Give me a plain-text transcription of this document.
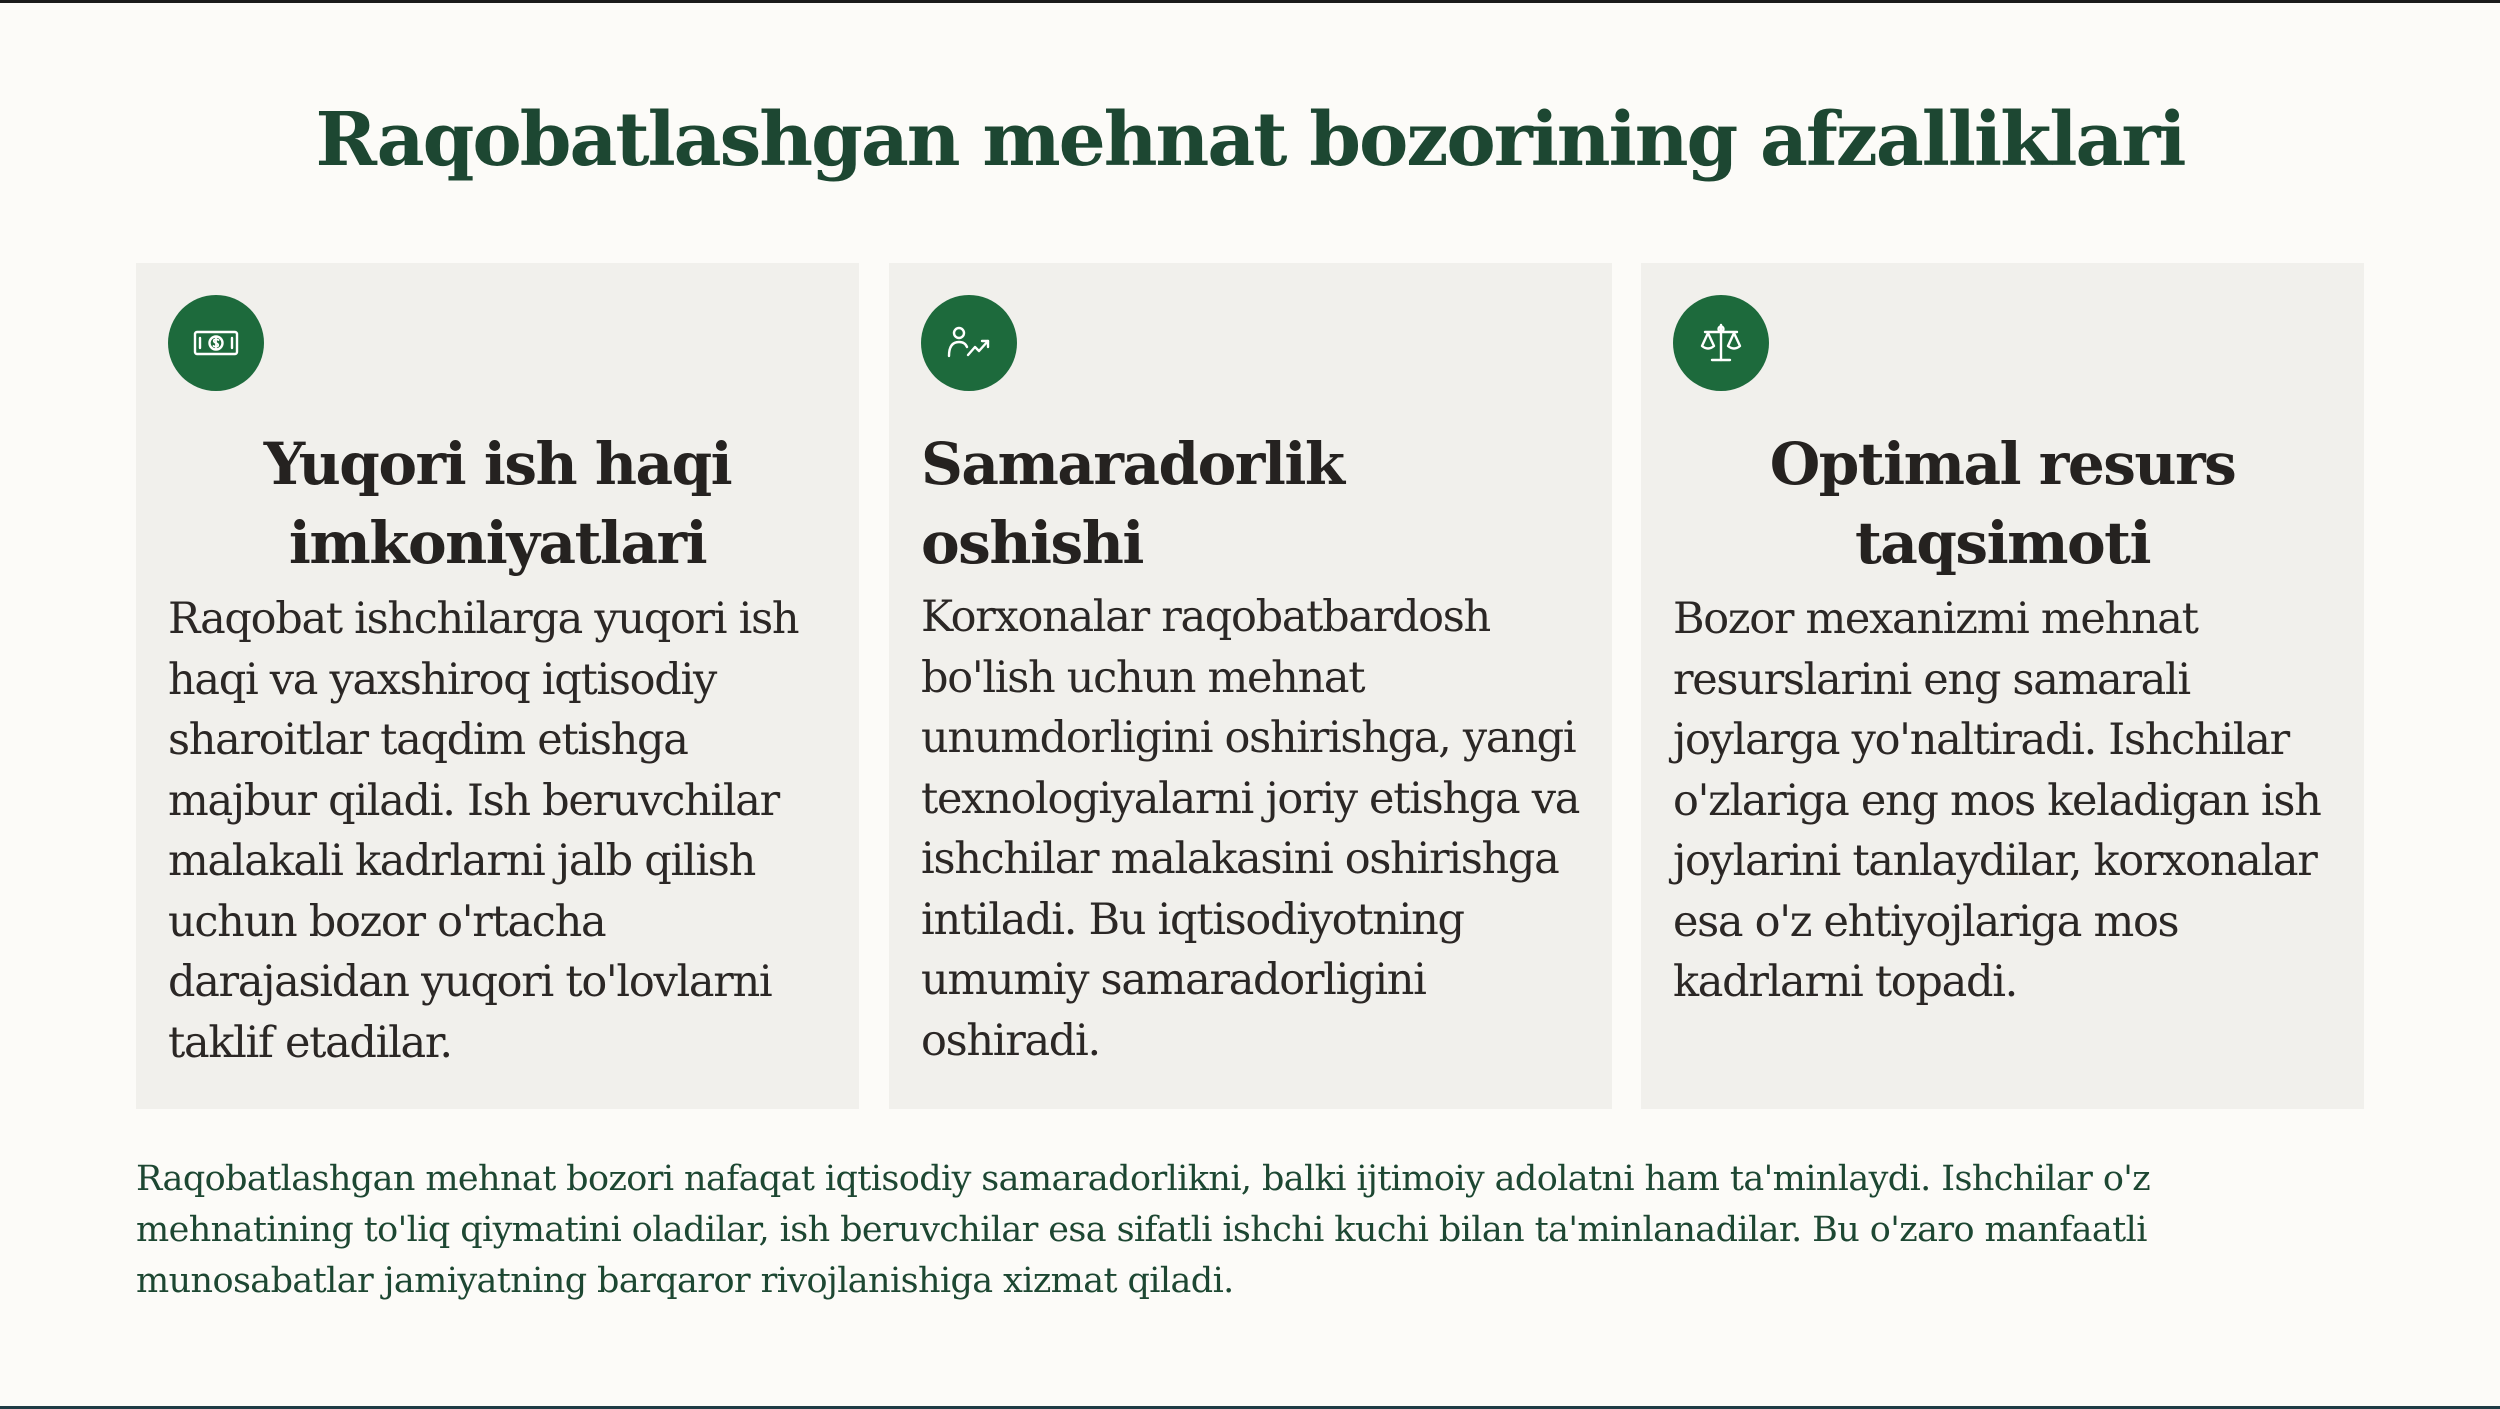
Raqobatlashgan mehnat bozorining afzalliklari
Yuqori ish haqi imkoniyatlari

Raqobat ishchilarga yuqori ish haqi va yaxshiroq iqtisodiy sharoitlar taqdim etishga majbur qiladi. Ish beruvchilar malakali kadrlarni jalb qilish uchun bozor o'rtacha darajasidan yuqori to'lovlarni taklif etadilar.

Samaradorlik oshishi

Korxonalar raqobatbardosh bo'lish uchun mehnat unumdorligini oshirishga, yangi texnologiyalarni joriy etishga va ishchilar malakasini oshirishga intiladi. Bu iqtisodiyotning umumiy samaradorligini oshiradi.

Optimal resurs taqsimoti

Bozor mexanizmi mehnat resurslarini eng samarali joylarga yo'naltiradi. Ishchilar o'zlariga eng mos keladigan ish joylarini tanlaydilar, korxonalar esa o'z ehtiyojlariga mos kadrlarni topadi.

Raqobatlashgan mehnat bozori nafaqat iqtisodiy samaradorlikni, balki ijtimoiy adolatni ham ta'minlaydi. Ishchilar o'z mehnatining to'liq qiymatini oladilar, ish beruvchilar esa sifatli ishchi kuchi bilan ta'minlanadilar. Bu o'zaro manfaatli munosabatlar jamiyatning barqaror rivojlanishiga xizmat qiladi.
